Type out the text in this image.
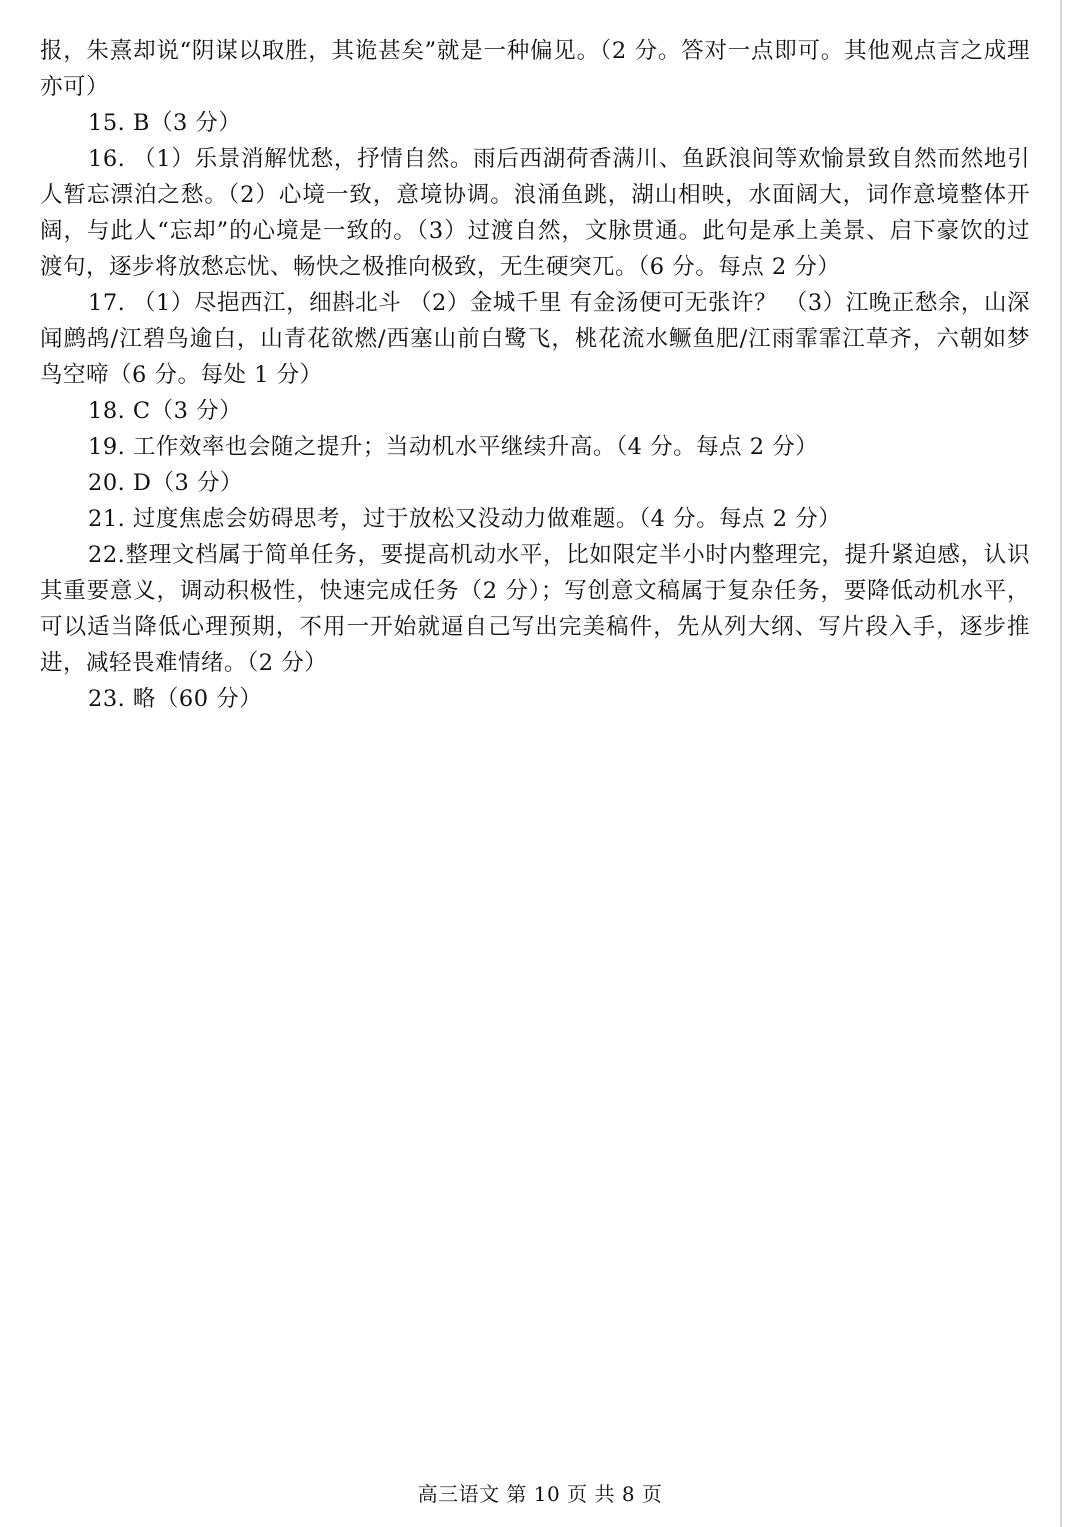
报，朱熹却说“阴谋以取胜，其诡甚矣”就是一种偏见。（2 分。答对一点即可。其他观点言之成理亦可）

15. B（3 分）

16. （1）乐景消解忧愁，抒情自然。雨后西湖荷香满川、鱼跃浪间等欢愉景致自然而然地引人暂忘漂泊之愁。（2）心境一致，意境协调。浪涌鱼跳，湖山相映，水面阔大，词作意境整体开阔，与此人“忘却”的心境是一致的。（3）过渡自然，文脉贯通。此句是承上美景、启下豪饮的过渡句，逐步将放愁忘忧、畅快之极推向极致，无生硬突兀。（6 分。每点 2 分）

17. （1）尽挹西江，细斟北斗 （2）金城千里 有金汤便可无张许？ （3）江晚正愁余，山深闻鹧鸪/江碧鸟逾白，山青花欲燃/西塞山前白鹭飞，桃花流水鳜鱼肥/江雨霏霏江草齐，六朝如梦鸟空啼（6 分。每处 1 分）

18. C（3 分）

19. 工作效率也会随之提升；当动机水平继续升高。（4 分。每点 2 分）

20. D（3 分）

21. 过度焦虑会妨碍思考，过于放松又没动力做难题。（4 分。每点 2 分）

22.整理文档属于简单任务，要提高机动水平，比如限定半小时内整理完，提升紧迫感，认识其重要意义，调动积极性，快速完成任务（2 分）；写创意文稿属于复杂任务，要降低动机水平，可以适当降低心理预期，不用一开始就逼自己写出完美稿件，先从列大纲、写片段入手，逐步推进，减轻畏难情绪。（2 分）

23. 略（60 分）

高三语文 第 10 页 共 8 页
